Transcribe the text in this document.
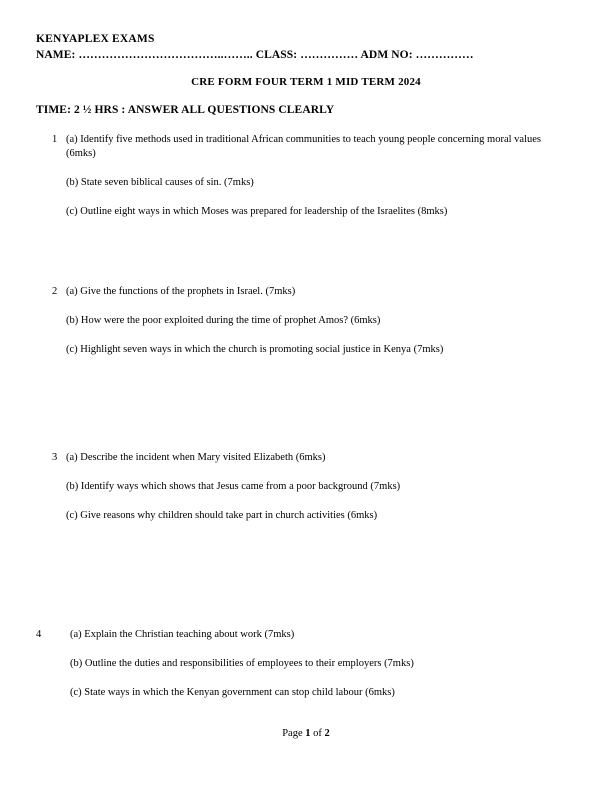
KENYAPLEX EXAMS
NAME: ………………………………..…….. CLASS: …………… ADM NO: ……………
CRE FORM FOUR TERM 1 MID TERM 2024
TIME: 2 ½ HRS : ANSWER ALL QUESTIONS CLEARLY
1 (a) Identify five methods used in traditional African communities to teach young people concerning moral values (6mks)
(b) State seven biblical causes of sin. (7mks)
(c) Outline eight ways in which Moses was prepared for leadership of the Israelites (8mks)
2 (a) Give the functions of the prophets in Israel. (7mks)
(b) How were the poor exploited during the time of prophet Amos? (6mks)
(c) Highlight seven ways in which the church is promoting social justice in Kenya (7mks)
3 (a) Describe the incident when Mary visited Elizabeth (6mks)
(b) Identify ways which shows that Jesus came from a poor background (7mks)
(c) Give reasons why children should take part in church activities (6mks)
4	(a) Explain the Christian teaching about work (7mks)
(b) Outline the duties and responsibilities of employees to their employers (7mks)
(c) State ways in which the Kenyan government can stop child labour (6mks)
Page 1 of 2
